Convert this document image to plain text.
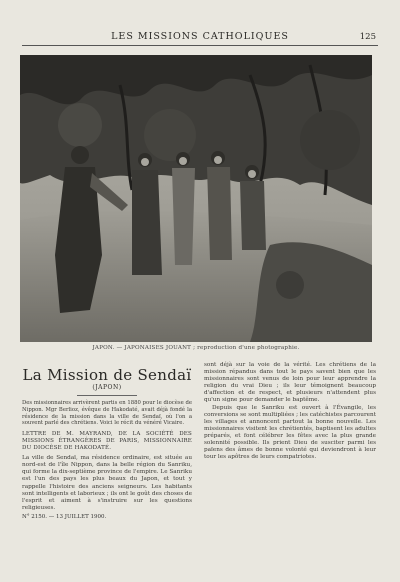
LES MISSIONS CATHOLIQUES	125
JAPON. — JAPONAISES JOUANT ; reproduction d'une photographie.
La Mission de Sendaï
(JAPON)

Des missionnaires arrivèrent partis en 1880 pour le diocèse de Nippon. Mgr Berlioz, évêque de Hakodaté, avait déjà fondé la résidence de la mission dans la ville de Sendaï, où l'on a souvent parlé des chrétiens. Voici le récit du vénéré Vicaire.

LETTRE DE M. MAYRAND, DE LA SOCIÉTÉ DES MISSIONS ÉTRANGÈRES DE PARIS, MISSIONNAIRE DU DIOCÈSE DE HAKODATÉ.

La ville de Sendaï, ma résidence ordinaire, est située au nord-est de l'île Nippon, dans la belle région du Sanriku, qui forme la dix-septième province de l'empire. Le Sanriku est l'un des pays les plus beaux du Japon, et tout y rappelle l'histoire des anciens seigneurs. Les habitants sont intelligents et laborieux ; ils ont le goût des choses de l'esprit et aiment à s'instruire sur les questions religieuses.

N° 2150. — 13 JUILLET 1900.

sont déjà sur la voie de la vérité. Les chrétiens de la mission répandus dans tout le pays savent bien que les missionnaires sont venus de loin pour leur apprendre la religion du vrai Dieu ; ils leur témoignent beaucoup d'affection et de respect, et plusieurs n'attendent plus qu'un signe pour demander le baptême.

Depuis que le Sanriku est ouvert à l'Évangile, les conversions se sont multipliées ; les catéchistes parcourent les villages et annoncent partout la bonne nouvelle. Les missionnaires visitent les chrétientés, baptisent les adultes préparés, et font célébrer les fêtes avec la plus grande solennité possible. Ils prient Dieu de susciter parmi les païens des âmes de bonne volonté qui deviendront à leur tour les apôtres de leurs compatriotes.
